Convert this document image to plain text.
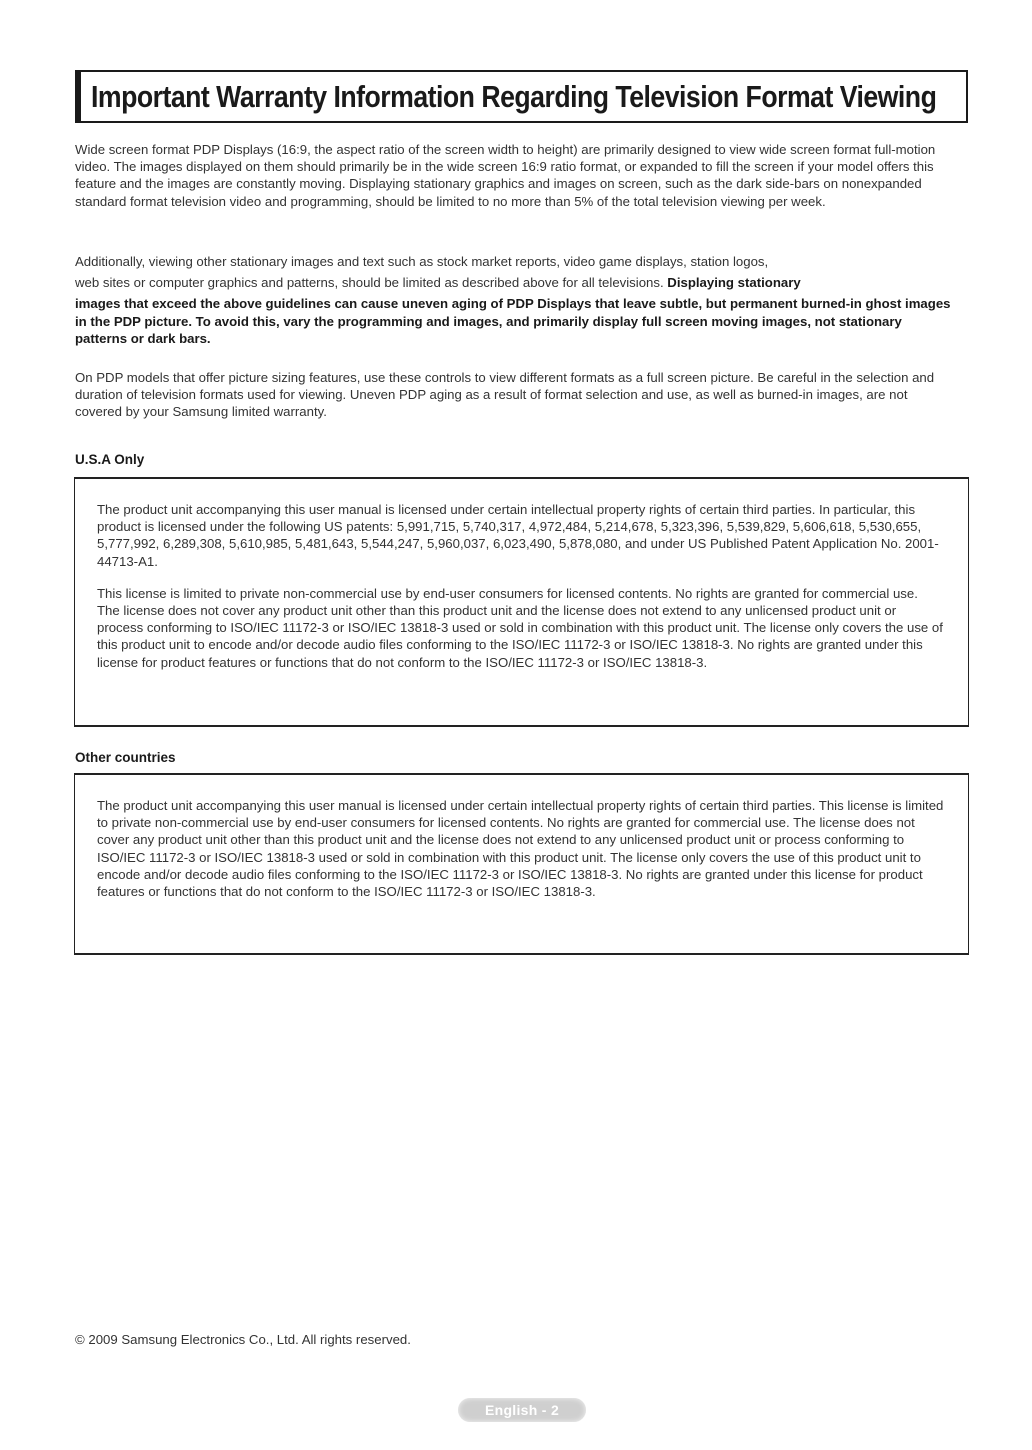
Important Warranty Information Regarding Television Format Viewing

Wide screen format PDP Displays (16:9, the aspect ratio of the screen width to height) are primarily designed to view wide screen format full-motion video. The images displayed on them should primarily be in the wide screen 16:9 ratio format, or expanded to fill the screen if your model offers this feature and the images are constantly moving. Displaying stationary graphics and images on screen, such as the dark side-bars on nonexpanded standard format television video and programming, should be limited to no more than 5% of the total television viewing per week.

Additionally, viewing other stationary images and text such as stock market reports, video game displays, station logos,
web sites or computer graphics and patterns, should be limited as described above for all televisions. Displaying stationary
images that exceed the above guidelines can cause uneven aging of PDP Displays that leave subtle, but permanent burned-in ghost images in the PDP picture. To avoid this, vary the programming and images, and primarily display full screen moving images, not stationary patterns or dark bars.

On PDP models that offer picture sizing features, use these controls to view different formats as a full screen picture. Be careful in the selection and duration of television formats used for viewing. Uneven PDP aging as a result of format selection and use, as well as burned-in images, are not covered by your Samsung limited warranty.

U.S.A Only

The product unit accompanying this user manual is licensed under certain intellectual property rights of certain third parties. In particular, this product is licensed under the following US patents: 5,991,715, 5,740,317, 4,972,484, 5,214,678, 5,323,396, 5,539,829, 5,606,618, 5,530,655, 5,777,992, 6,289,308, 5,610,985, 5,481,643, 5,544,247, 5,960,037, 6,023,490, 5,878,080, and under US Published Patent Application No. 2001-44713-A1.

This license is limited to private non-commercial use by end-user consumers for licensed contents. No rights are granted for commercial use. The license does not cover any product unit other than this product unit and the license does not extend to any unlicensed product unit or process conforming to ISO/IEC 11172-3 or ISO/IEC 13818-3 used or sold in combination with this product unit. The license only covers the use of this product unit to encode and/or decode audio files conforming to the ISO/IEC 11172-3 or ISO/IEC 13818-3. No rights are granted under this license for product features or functions that do not conform to the ISO/IEC 11172-3 or ISO/IEC 13818-3.

Other countries

The product unit accompanying this user manual is licensed under certain intellectual property rights of certain third parties. This license is limited to private non-commercial use by end-user consumers for licensed contents. No rights are granted for commercial use. The license does not cover any product unit other than this product unit and the license does not extend to any unlicensed product unit or process conforming to ISO/IEC 11172-3 or ISO/IEC 13818-3 used or sold in combination with this product unit. The license only covers the use of this product unit to encode and/or decode audio files conforming to the ISO/IEC 11172-3 or ISO/IEC 13818-3. No rights are granted under this license for product features or functions that do not conform to the ISO/IEC 11172-3 or ISO/IEC 13818-3.

© 2009 Samsung Electronics Co., Ltd. All rights reserved.

English - 2
